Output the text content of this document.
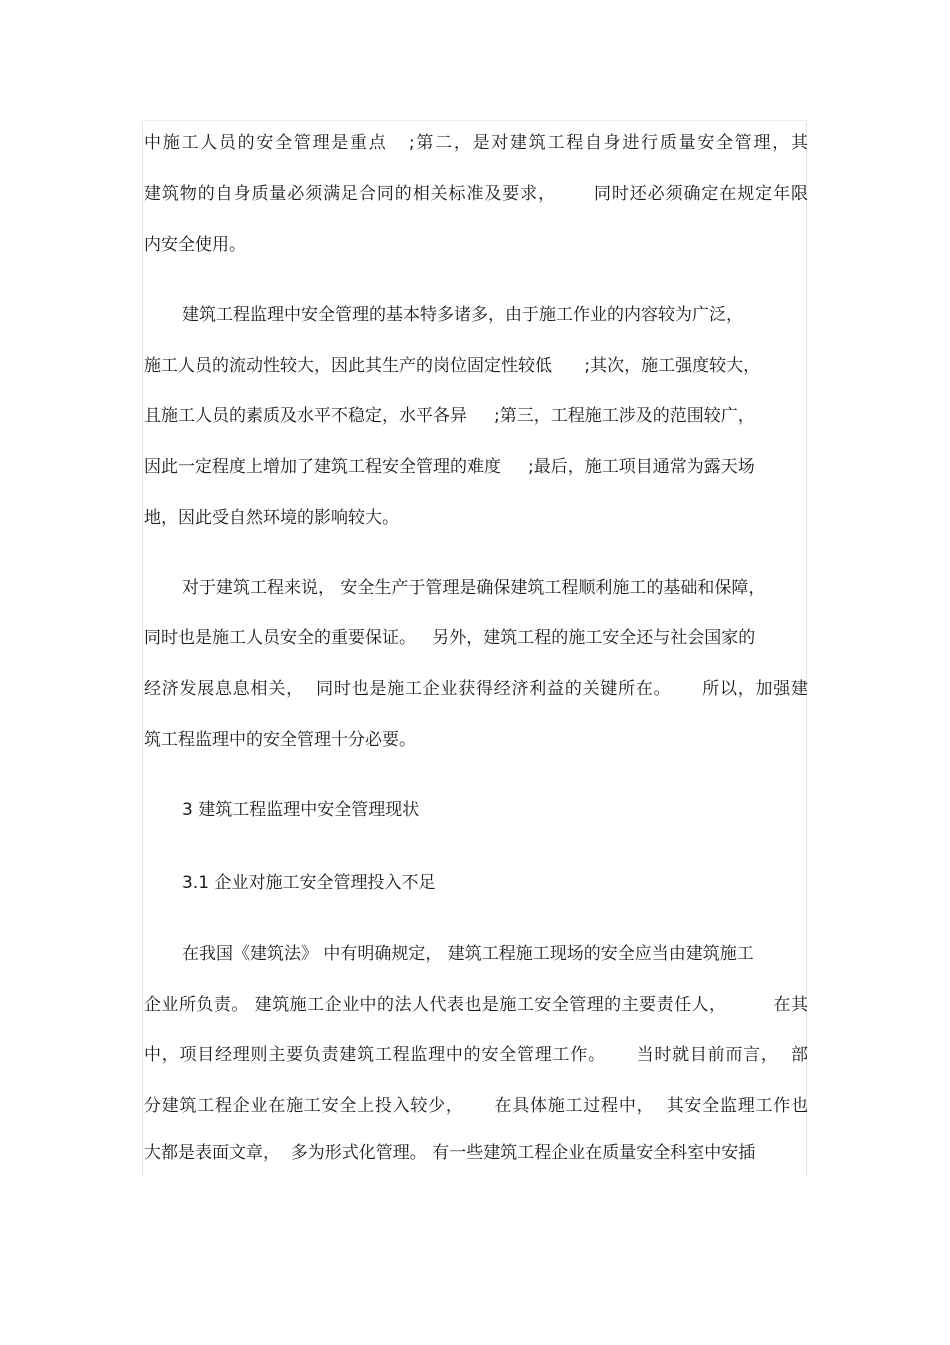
中施工人员的安全管理是重点   ;第二，是对建筑工程自身进行质量安全管理，其
建筑物的自身质量必须满足合同的相关标准及要求，      同时还必须确定在规定年限
内安全使用。
建筑工程监理中安全管理的基本特多诸多，由于施工作业的内容较为广泛，
施工人员的流动性较大，因此其生产的岗位固定性较低      ;其次，施工强度较大，
且施工人员的素质及水平不稳定，水平各异     ;第三，工程施工涉及的范围较广，
因此一定程度上增加了建筑工程安全管理的难度     ;最后，施工项目通常为露天场
地，因此受自然环境的影响较大。
对于建筑工程来说， 安全生产于管理是确保建筑工程顺利施工的基础和保障，
同时也是施工人员安全的重要保证。   另外，建筑工程的施工安全还与社会国家的
经济发展息息相关，  同时也是施工企业获得经济利益的关键所在。     所以，加强建
筑工程监理中的安全管理十分必要。
3 建筑工程监理中安全管理现状
3.1 企业对施工安全管理投入不足
在我国《建筑法》 中有明确规定， 建筑工程施工现场的安全应当由建筑施工
企业所负责。 建筑施工企业中的法人代表也是施工安全管理的主要责任人，        在其
中，项目经理则主要负责建筑工程监理中的安全管理工作。     当时就目前而言，  部
分建筑工程企业在施工安全上投入较少，     在具体施工过程中，  其安全监理工作也
大都是表面文章，  多为形式化管理。 有一些建筑工程企业在质量安全科室中安插
